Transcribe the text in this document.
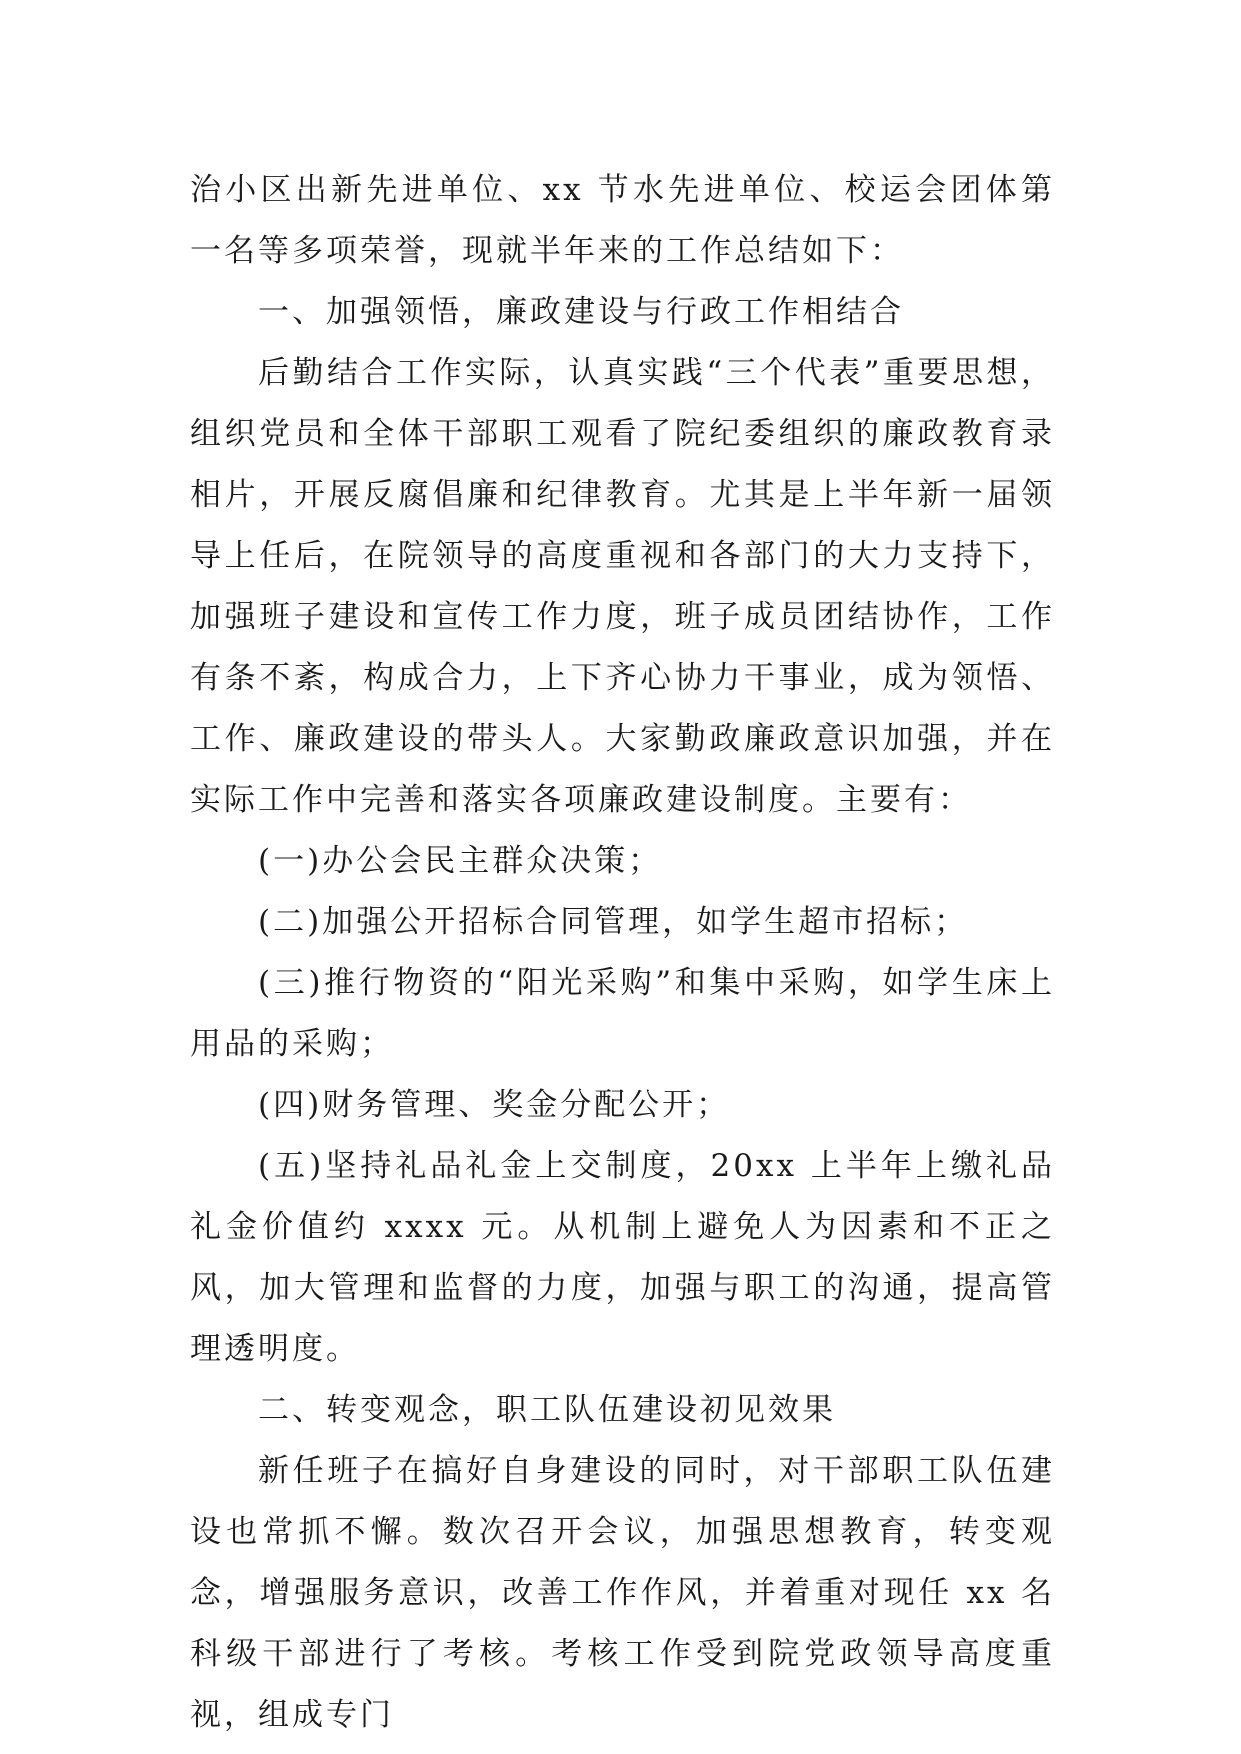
治小区出新先进单位、xx 节水先进单位、校运会团体第一名等多项荣誉，现就半年来的工作总结如下：

一、加强领悟，廉政建设与行政工作相结合

后勤结合工作实际，认真实践“三个代表”重要思想，组织党员和全体干部职工观看了院纪委组织的廉政教育录相片，开展反腐倡廉和纪律教育。尤其是上半年新一届领导上任后，在院领导的高度重视和各部门的大力支持下，加强班子建设和宣传工作力度，班子成员团结协作，工作有条不紊，构成合力，上下齐心协力干事业，成为领悟、工作、廉政建设的带头人。大家勤政廉政意识加强，并在实际工作中完善和落实各项廉政建设制度。主要有：

(一)办公会民主群众决策；

(二)加强公开招标合同管理，如学生超市招标；

(三)推行物资的“阳光采购”和集中采购，如学生床上用品的采购；

(四)财务管理、奖金分配公开；

(五)坚持礼品礼金上交制度，20xx 上半年上缴礼品礼金价值约 xxxx 元。从机制上避免人为因素和不正之风，加大管理和监督的力度，加强与职工的沟通，提高管理透明度。

二、转变观念，职工队伍建设初见效果

新任班子在搞好自身建设的同时，对干部职工队伍建设也常抓不懈。数次召开会议，加强思想教育，转变观念，增强服务意识，改善工作作风，并着重对现任 xx 名科级干部进行了考核。考核工作受到院党政领导高度重视，组成专门
